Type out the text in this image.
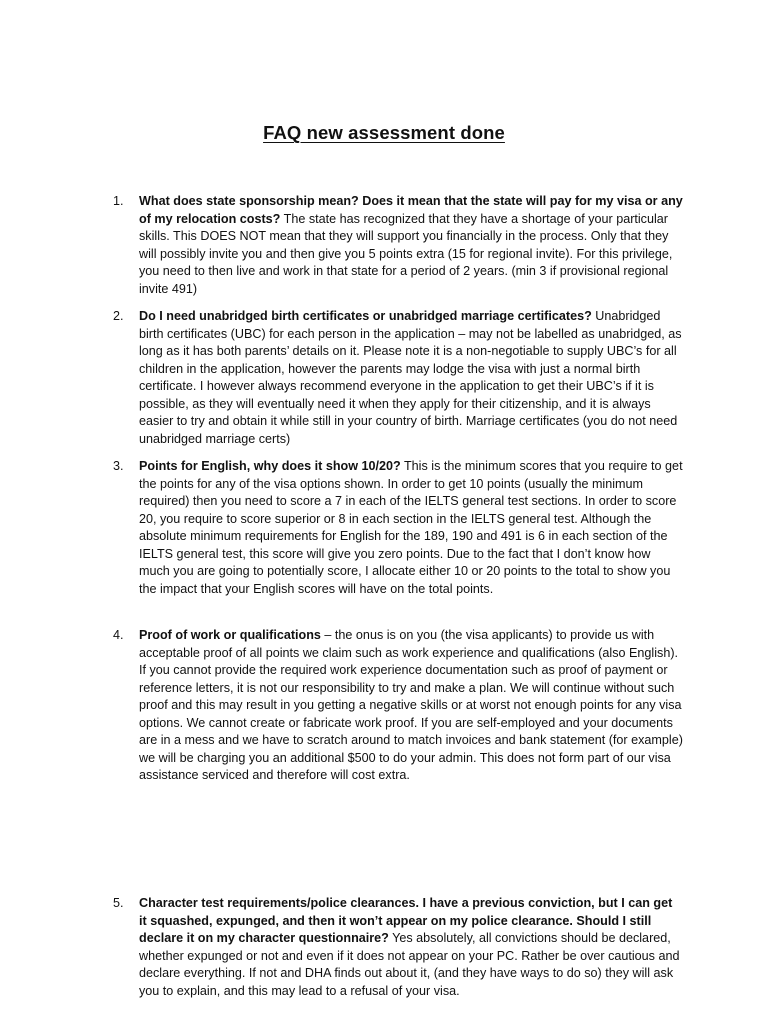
FAQ new assessment done
1.	What does state sponsorship mean? Does it mean that the state will pay for my visa or any of my relocation costs? The state has recognized that they have a shortage of your particular skills. This DOES NOT mean that they will support you financially in the process. Only that they will possibly invite you and then give you 5 points extra (15 for regional invite). For this privilege, you need to then live and work in that state for a period of 2 years. (min 3 if provisional regional invite 491)
2.	Do I need unabridged birth certificates or unabridged marriage certificates? Unabridged birth certificates (UBC) for each person in the application – may not be labelled as unabridged, as long as it has both parents’ details on it. Please note it is a non-negotiable to supply UBC’s for all children in the application, however the parents may lodge the visa with just a normal birth certificate. I however always recommend everyone in the application to get their UBC’s if it is possible, as they will eventually need it when they apply for their citizenship, and it is always easier to try and obtain it while still in your country of birth. Marriage certificates (you do not need unabridged marriage certs)
3.	Points for English, why does it show 10/20? This is the minimum scores that you require to get the points for any of the visa options shown. In order to get 10 points (usually the minimum required) then you need to score a 7 in each of the IELTS general test sections. In order to score 20, you require to score superior or 8 in each section in the IELTS general test. Although the absolute minimum requirements for English for the 189, 190 and 491 is 6 in each section of the IELTS general test, this score will give you zero points. Due to the fact that I don’t know how much you are going to potentially score, I allocate either 10 or 20 points to the total to show you the impact that your English scores will have on the total points.
4.	Proof of work or qualifications – the onus is on you (the visa applicants) to provide us with acceptable proof of all points we claim such as work experience and qualifications (also English). If you cannot provide the required work experience documentation such as proof of payment or reference letters, it is not our responsibility to try and make a plan. We will continue without such proof and this may result in you getting a negative skills or at worst not enough points for any visa options. We cannot create or fabricate work proof. If you are self-employed and your documents are in a mess and we have to scratch around to match invoices and bank statement (for example) we will be charging you an additional $500 to do your admin. This does not form part of our visa assistance serviced and therefore will cost extra.
5.	Character test requirements/police clearances. I have a previous conviction, but I can get it squashed, expunged, and then it won’t appear on my police clearance. Should I still declare it on my character questionnaire? Yes absolutely, all convictions should be declared, whether expunged or not and even if it does not appear on your PC. Rather be over cautious and declare everything. If not and DHA finds out about it, (and they have ways to do so) they will ask you to explain, and this may lead to a refusal of your visa.
